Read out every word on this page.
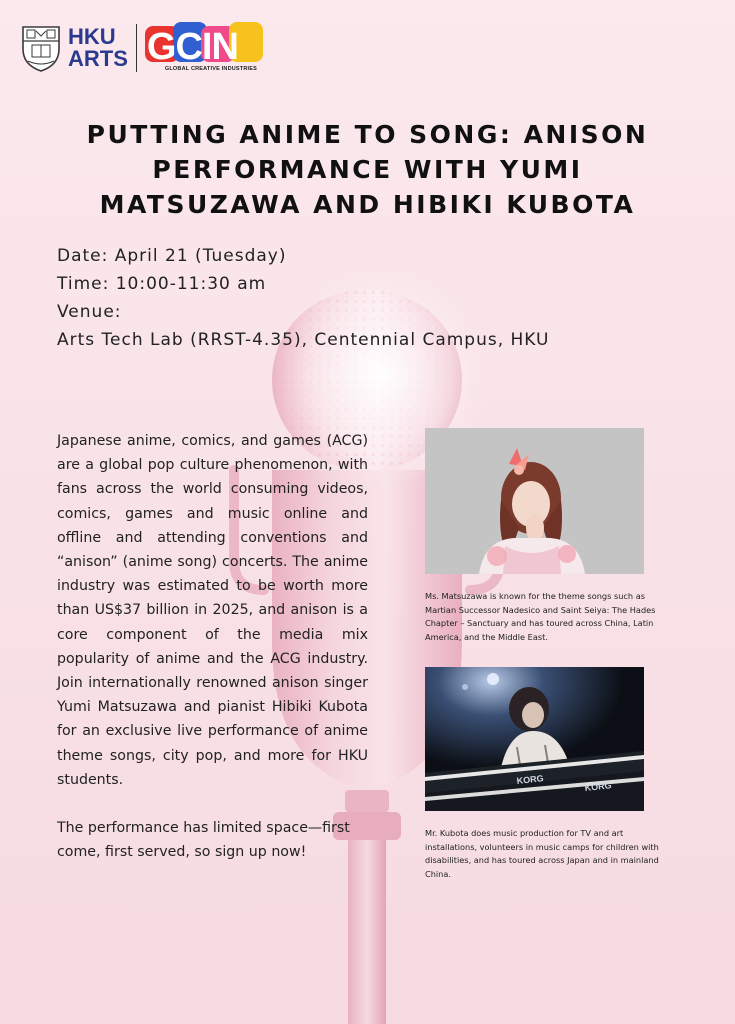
HKU
ARTS GCIN
GLOBAL CREATIVE INDUSTRIES
PUTTING ANIME TO SONG: ANISON
PERFORMANCE WITH YUMI
MATSUZAWA AND HIBIKI KUBOTA
Date: April 21 (Tuesday)
Time: 10:00-11:30 am
Venue:
Arts Tech Lab (RRST-4.35), Centennial Campus, HKU

Japanese anime, comics, and games (ACG) are a global pop culture phenomenon, with fans across the world consuming videos, comics, games and music online and offline and attending conventions and “anison” (anime song) concerts. The anime industry was estimated to be worth more than US$37 billion in 2025, and anison is a core component of the media mix popularity of anime and the ACG industry. Join internationally renowned anison singer Yumi Matsuzawa and pianist Hibiki Kubota for an exclusive live performance of anime theme songs, city pop, and more for HKU students.

The performance has limited space—first come, first served, so sign up now!

Ms. Matsuzawa is known for the theme songs such as Martian Successor Nadesico and Saint Seiya: The Hades Chapter – Sanctuary and has toured across China, Latin America, and the Middle East.
KORG
KORG
Mr. Kubota does music production for TV and art installations, volunteers in music camps for children with disabilities, and has toured across Japan and in mainland China.
